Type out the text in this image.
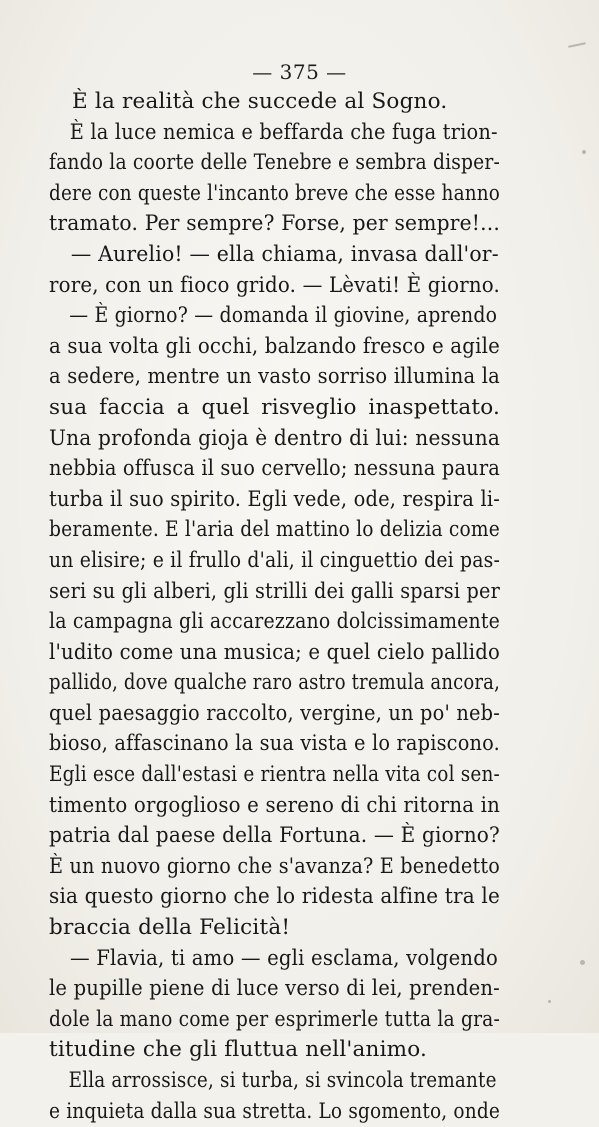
— 375 —
È la realità che succede al Sogno.
È la luce nemica e beffarda che fuga trion-
fando la coorte delle Tenebre e sembra disper-
dere con queste l'incanto breve che esse hanno
tramato. Per sempre? Forse, per sempre!...
— Aurelio! — ella chiama, invasa dall'or-
rore, con un fioco grido. — Lèvati! È giorno.
— È giorno? — domanda il giovine, aprendo
a sua volta gli occhi, balzando fresco e agile
a sedere, mentre un vasto sorriso illumina la
sua faccia a quel risveglio inaspettato.
Una profonda gioja è dentro di lui: nessuna
nebbia offusca il suo cervello; nessuna paura
turba il suo spirito. Egli vede, ode, respira li-
beramente. E l'aria del mattino lo delizia come
un elisire; e il frullo d'ali, il cinguettio dei pas-
seri su gli alberi, gli strilli dei galli sparsi per
la campagna gli accarezzano dolcissimamente
l'udito come una musica; e quel cielo pallido
pallido, dove qualche raro astro tremula ancora,
quel paesaggio raccolto, vergine, un po' neb-
bioso, affascinano la sua vista e lo rapiscono.
Egli esce dall'estasi e rientra nella vita col sen-
timento orgoglioso e sereno di chi ritorna in
patria dal paese della Fortuna. — È giorno?
È un nuovo giorno che s'avanza? E benedetto
sia questo giorno che lo ridesta alfine tra le
braccia della Felicità!
— Flavia, ti amo — egli esclama, volgendo
le pupille piene di luce verso di lei, prenden-
dole la mano come per esprimerle tutta la gra-
titudine che gli fluttua nell'animo.
Ella arrossisce, si turba, si svincola tremante
e inquieta dalla sua stretta. Lo sgomento, onde
